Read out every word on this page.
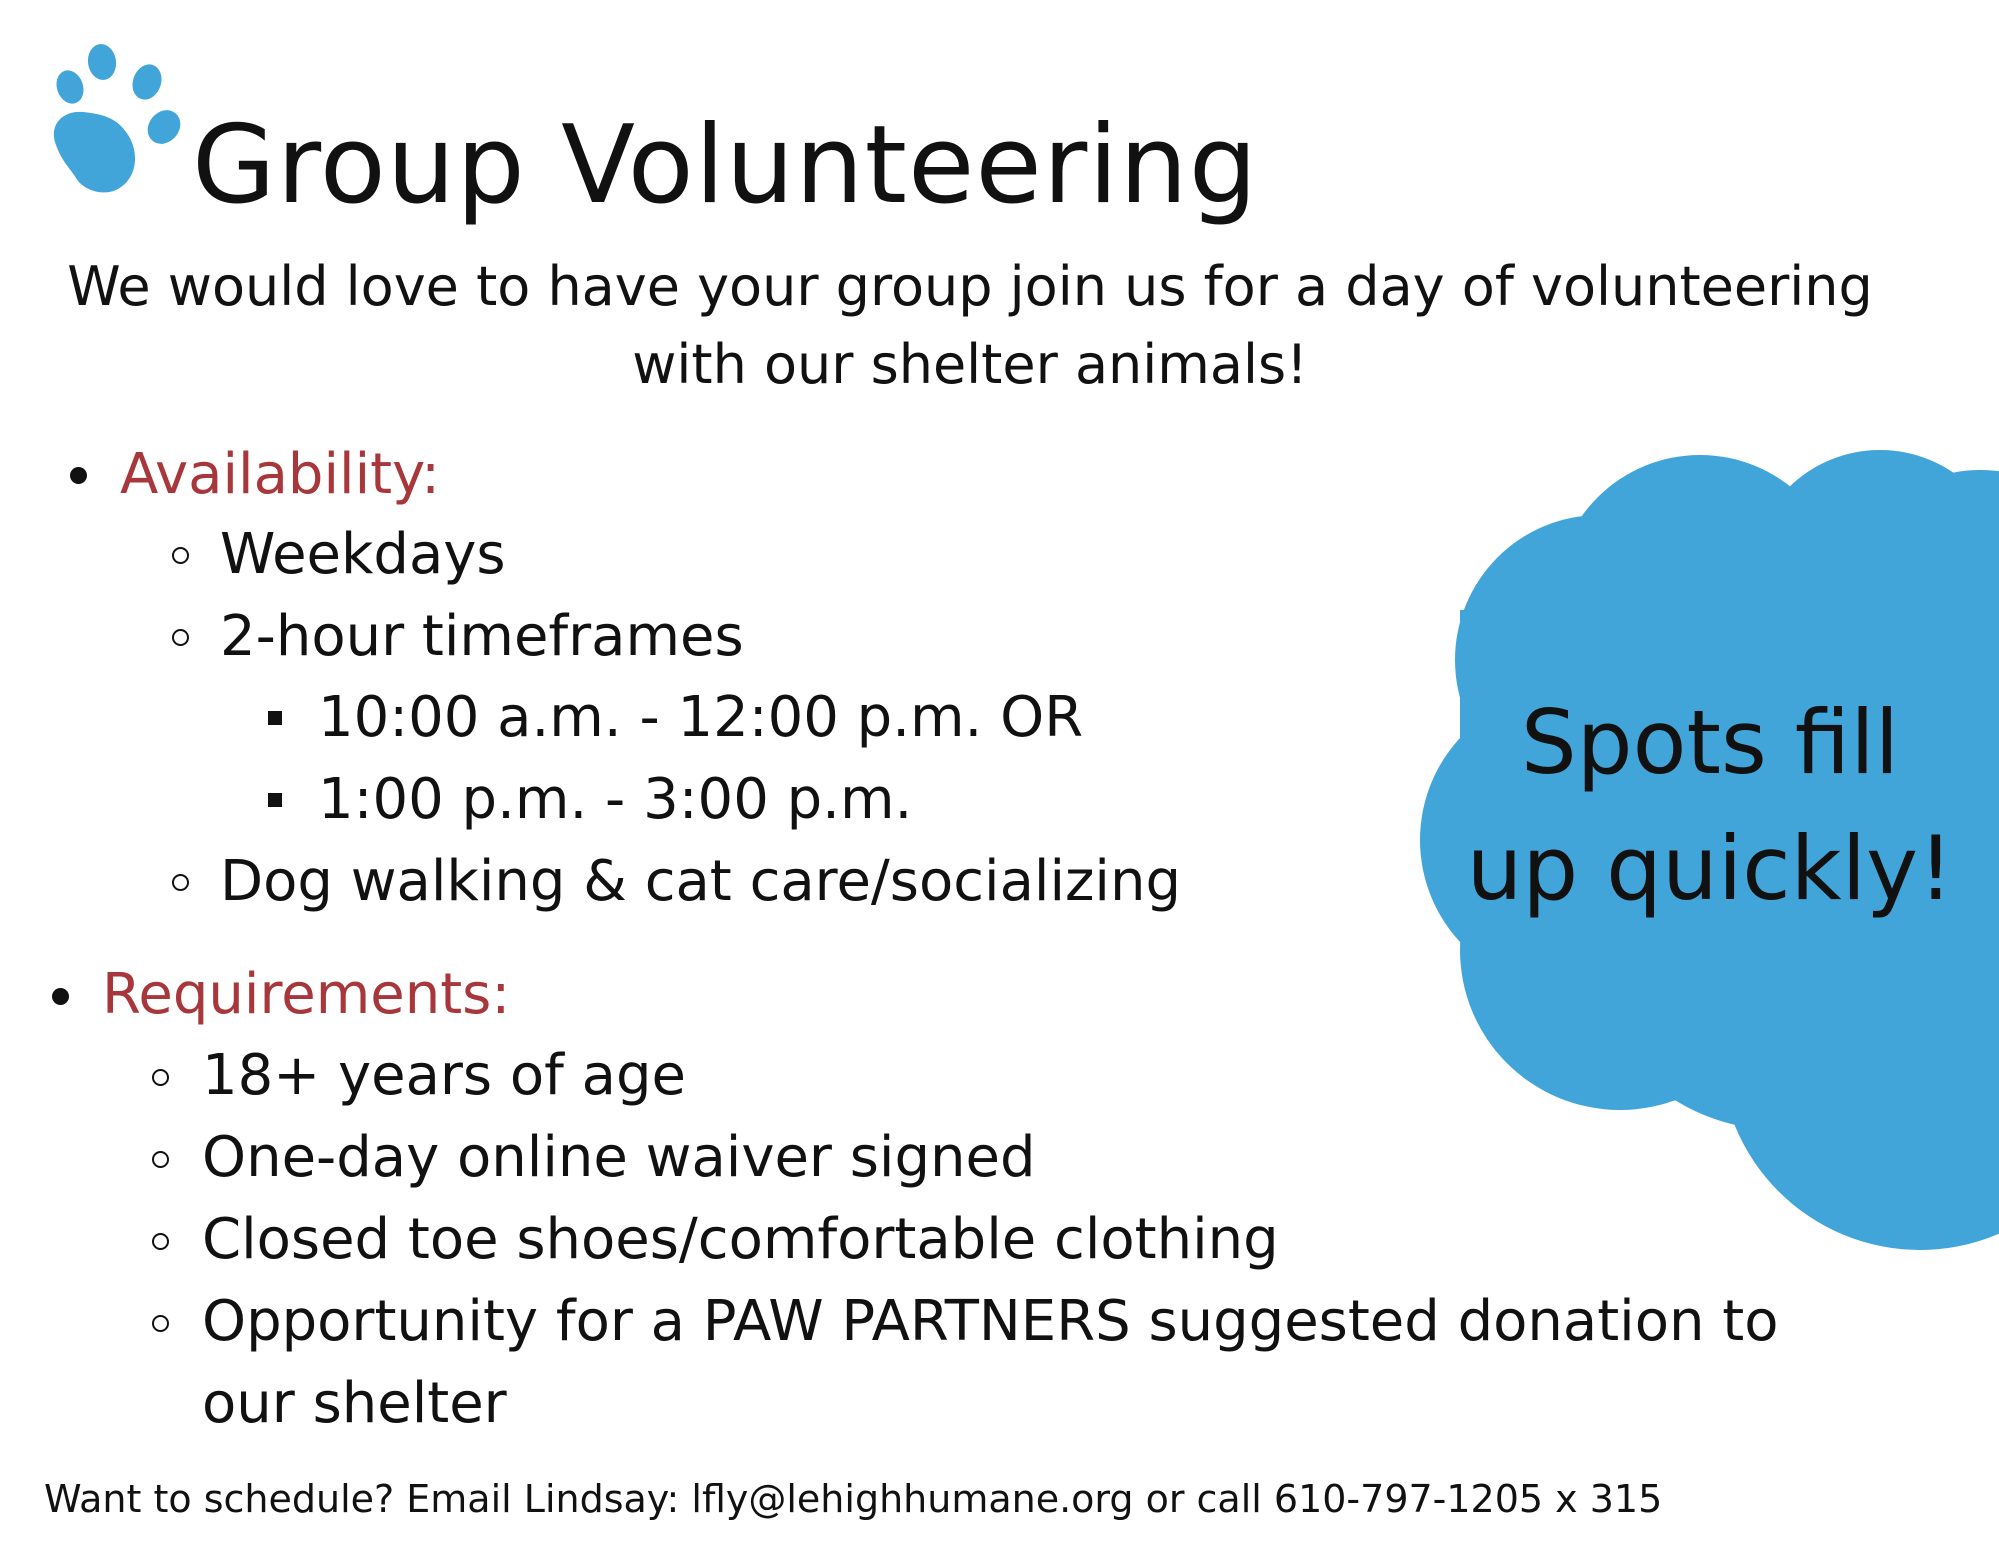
Group Volunteering

We would love to have your group join us for a day of volunteering
with our shelter animals!

Spots fill
up quickly!

Availability:
Weekdays
2-hour timeframes
10:00 a.m. - 12:00 p.m. OR
1:00 p.m. - 3:00 p.m.
Dog walking & cat care/socializing
Requirements:
18+ years of age
One-day online waiver signed
Closed toe shoes/comfortable clothing
Opportunity for a PAW PARTNERS suggested donation to
our shelter
Want to schedule? Email Lindsay: lfly@lehighhumane.org or call 610-797-1205 x 315
